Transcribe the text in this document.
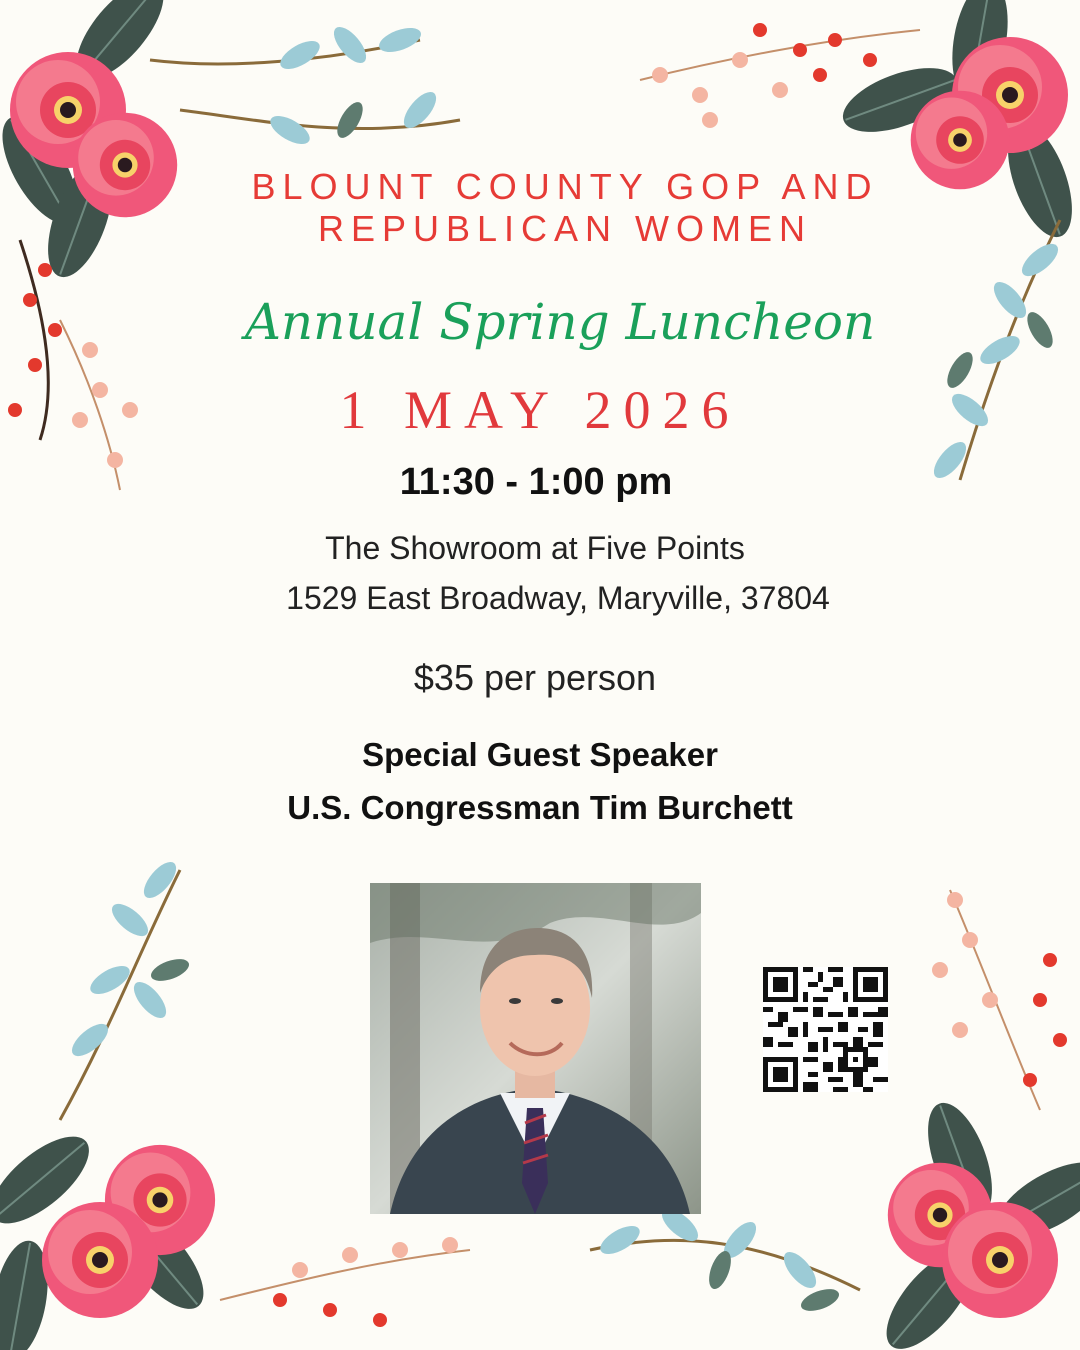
BLOUNT COUNTY GOP AND
REPUBLICAN WOMEN
Annual Spring Luncheon
1 MAY 2026
11:30 - 1:00 pm
The Showroom at Five Points
1529 East Broadway, Maryville, 37804
$35 per person
Special Guest Speaker
U.S. Congressman Tim Burchett
